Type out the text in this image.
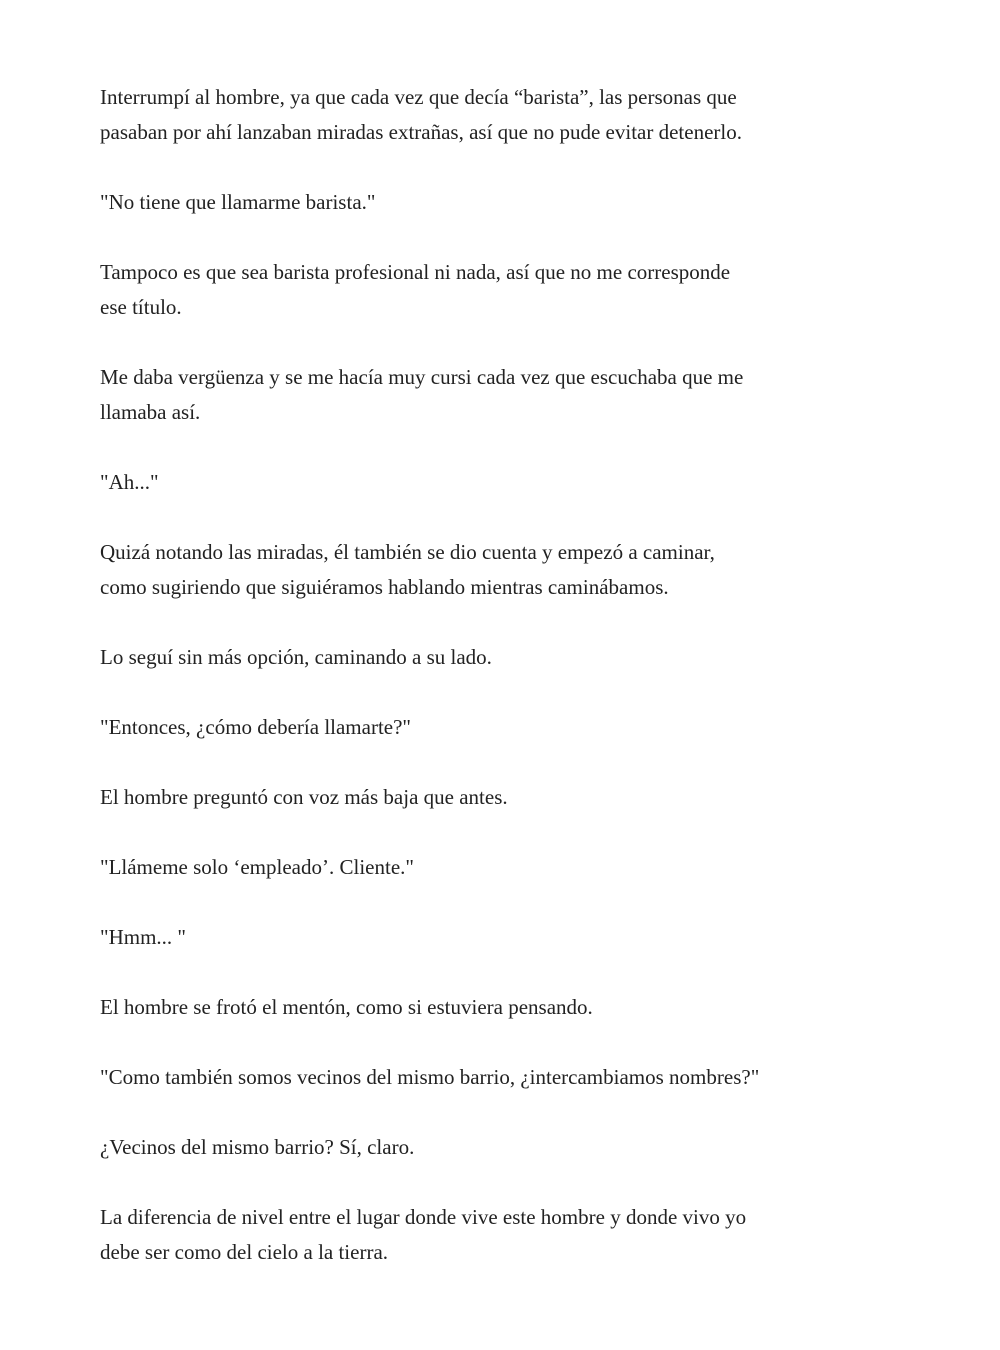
Interrumpí al hombre, ya que cada vez que decía “barista”, las personas que
pasaban por ahí lanzaban miradas extrañas, así que no pude evitar detenerlo.

"No tiene que llamarme barista."

Tampoco es que sea barista profesional ni nada, así que no me corresponde
ese título.

Me daba vergüenza y se me hacía muy cursi cada vez que escuchaba que me
llamaba así.

"Ah..."

Quizá notando las miradas, él también se dio cuenta y empezó a caminar,
como sugiriendo que siguiéramos hablando mientras caminábamos.

Lo seguí sin más opción, caminando a su lado.

"Entonces, ¿cómo debería llamarte?"

El hombre preguntó con voz más baja que antes.

"Llámeme solo ‘empleado’. Cliente."

"Hmm... "

El hombre se frotó el mentón, como si estuviera pensando.

"Como también somos vecinos del mismo barrio, ¿intercambiamos nombres?"

¿Vecinos del mismo barrio? Sí, claro.

La diferencia de nivel entre el lugar donde vive este hombre y donde vivo yo
debe ser como del cielo a la tierra.
